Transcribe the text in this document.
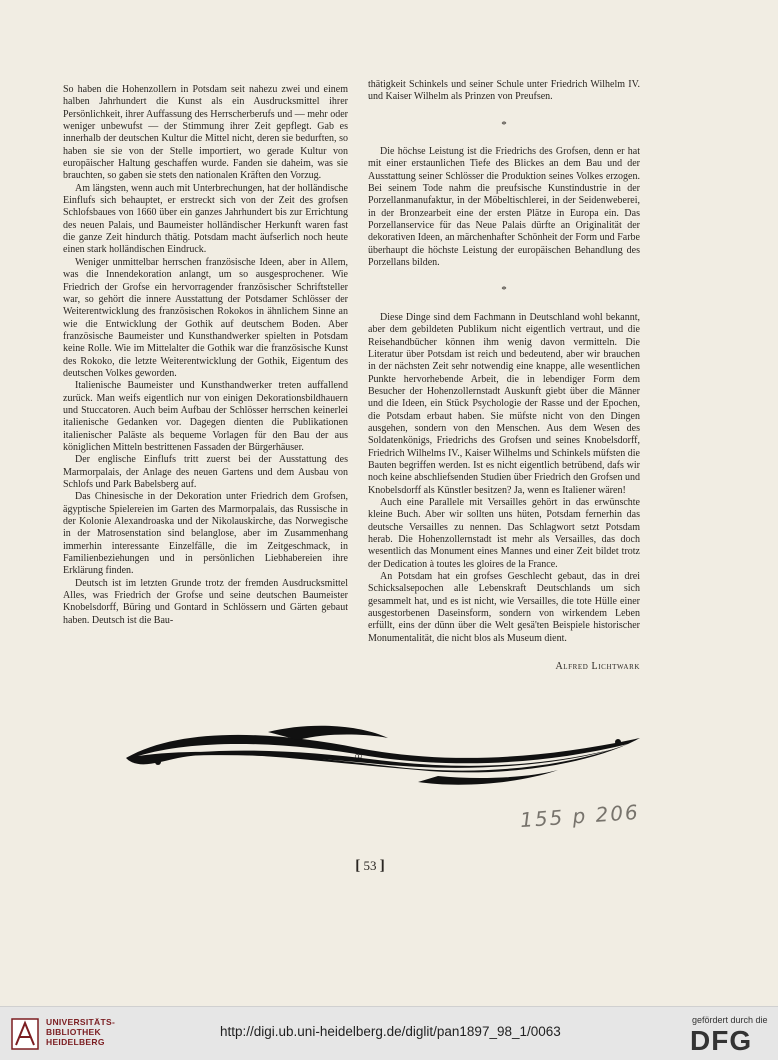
So haben die Hohenzollern in Potsdam seit nahezu zwei und einem halben Jahrhundert die Kunst als ein Ausdrucksmittel ihrer Persönlichkeit, ihrer Auffassung des Herrscherberufs und — mehr oder weniger unbewufst — der Stimmung ihrer Zeit gepflegt. Gab es innerhalb der deutschen Kultur die Mittel nicht, deren sie bedurften, so haben sie sie von der Stelle importiert, wo gerade Kultur von europäischer Haltung geschaffen wurde. Fanden sie daheim, was sie brauchten, so gaben sie stets den nationalen Kräften den Vorzug.

Am längsten, wenn auch mit Unterbrechungen, hat der holländische Einflufs sich behauptet, er erstreckt sich von der Zeit des grofsen Schlofsbaues von 1660 über ein ganzes Jahrhundert bis zur Errichtung des neuen Palais, und Baumeister holländischer Herkunft waren fast die ganze Zeit hindurch thätig. Potsdam macht äufserlich noch heute einen stark holländischen Eindruck.

Weniger unmittelbar herrschen französische Ideen, aber in Allem, was die Innendekoration anlangt, um so ausgesprochener. Wie Friedrich der Grofse ein hervorragender französischer Schriftsteller war, so gehört die innere Ausstattung der Potsdamer Schlösser der Weiterentwicklung des französischen Rokokos in ähnlichem Sinne an wie die Entwicklung der Gothik auf deutschem Boden. Aber französische Baumeister und Kunsthandwerker spielten in Potsdam keine Rolle. Wie im Mittelalter die Gothik war die französische Kunst des Rokoko, die letzte Weiterentwicklung der Gothik, Eigentum des deutschen Volkes geworden.

Italienische Baumeister und Kunsthandwerker treten auffallend zurück. Man weifs eigentlich nur von einigen Dekorationsbildhauern und Stuccatoren. Auch beim Aufbau der Schlösser herrschen keinerlei italienische Gedanken vor. Dagegen dienten die Publikationen italienischer Paläste als bequeme Vorlagen für den Bau der aus königlichen Mitteln bestrittenen Fassaden der Bürgerhäuser.

Der englische Einflufs tritt zuerst bei der Ausstattung des Marmorpalais, der Anlage des neuen Gartens und dem Ausbau von Schlofs und Park Babelsberg auf.

Das Chinesische in der Dekoration unter Friedrich dem Grofsen, ägyptische Spielereien im Garten des Marmorpalais, das Russische in der Kolonie Alexandroaska und der Nikolauskirche, das Norwegische in der Matrosenstation sind belanglose, aber im Zusammenhang immerhin interessante Einzelfälle, die im Zeitgeschmack, in Familienbeziehungen und in persönlichen Liebhabereien ihre Erklärung finden.

Deutsch ist im letzten Grunde trotz der fremden Ausdrucksmittel Alles, was Friedrich der Grofse und seine deutschen Baumeister Knobelsdorff, Büring und Gontard in Schlössern und Gärten gebaut haben. Deutsch ist die Bau-

thätigkeit Schinkels und seiner Schule unter Friedrich Wilhelm IV. und Kaiser Wilhelm als Prinzen von Preufsen.

*

Die höchse Leistung ist die Friedrichs des Grofsen, denn er hat mit einer erstaunlichen Tiefe des Blickes an dem Bau und der Ausstattung seiner Schlösser die Produktion seines Volkes erzogen. Bei seinem Tode nahm die preufsische Kunstindustrie in der Porzellanmanufaktur, in der Möbeltischlerei, in der Seidenweberei, in der Bronzearbeit eine der ersten Plätze in Europa ein. Das Porzellanservice für das Neue Palais dürfte an Originalität der dekorativen Ideen, an märchenhafter Schönheit der Form und Farbe überhaupt die höchste Leistung der europäischen Behandlung des Porzellans bilden.

*

Diese Dinge sind dem Fachmann in Deutschland wohl bekannt, aber dem gebildeten Publikum nicht eigentlich vertraut, und die Reisehandbücher können ihm wenig davon vermitteln. Die Literatur über Potsdam ist reich und bedeutend, aber wir brauchen in der nächsten Zeit sehr notwendig eine knappe, alle wesentlichen Punkte hervorhebende Arbeit, die in lebendiger Form dem Besucher der Hohenzollernstadt Auskunft giebt über die Männer und die Ideen, ein Stück Psychologie der Rasse und der Epochen, die Potsdam erbaut haben. Sie müfste nicht von den Dingen ausgehen, sondern von den Menschen. Aus dem Wesen des Soldatenkönigs, Friedrichs des Grofsen und seines Knobelsdorff, Friedrich Wilhelms IV., Kaiser Wilhelms und Schinkels müfsten die Bauten begriffen werden. Ist es nicht eigentlich betrübend, dafs wir noch keine abschliefsenden Studien über Friedrich den Grofsen und Knobelsdorff als Künstler besitzen? Ja, wenn es Italiener wären!

Auch eine Parallele mit Versailles gehört in das erwünschte kleine Buch. Aber wir sollten uns hüten, Potsdam fernerhin das deutsche Versailles zu nennen. Das Schlagwort setzt Potsdam herab. Die Hohenzollernstadt ist mehr als Versailles, das doch wesentlich das Monument eines Mannes und einer Zeit bildet trotz der Dedication à toutes les gloires de la France.

An Potsdam hat ein grofses Geschlecht gebaut, das in drei Schicksalsepochen alle Lebenskraft Deutschlands um sich gesammelt hat, und es ist nicht, wie Versailles, die tote Hülle einer ausgestorbenen Daseinsform, sondern von wirkendem Leben erfüllt, eins der dünn über die Welt gesä'ten Beispiele historischer Monumentalität, die nicht blos als Museum dient.

Alfred Lichtwark
♔
155 p 206
[ 53 ]
UNIVERSITÄTS-
BIBLIOTHEK
HEIDELBERG
http://digi.ub.uni-heidelberg.de/diglit/pan1897_98_1/0063
gefördert durch die
DFG
